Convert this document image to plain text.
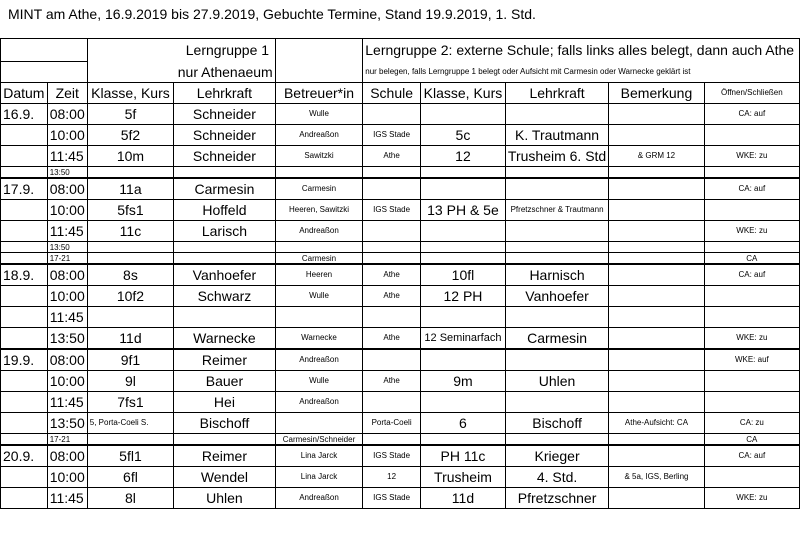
MINT am Athe, 16.9.2019 bis 27.9.2019, Gebuchte Termine, Stand 19.9.2019, 1. Std.
		Lerngruppe 1			Lerngruppe 2: externe Schule; falls links alles belegt, dann auch Athe				
		nur Athenaeum			nur belegen, falls Lerngruppe 1 belegt oder Aufsicht mit Carmesin oder Warnecke geklärt ist				
Datum	Zeit	Klasse, Kurs	Lehrkraft	Betreuer*in	Schule	Klasse, Kurs	Lehrkraft	Bemerkung	Öffnen/Schließen
16.9.	08:00	5f	Schneider	Wulle					CA: auf
	10:00	5f2	Schneider	Andreaßon	IGS Stade	5c	K. Trautmann		
	11:45	10m	Schneider	Sawitzki	Athe	12	Trusheim 6. Std	& GRM 12	WKE: zu
	13:50								
17.9.	08:00	11a	Carmesin	Carmesin					CA: auf
	10:00	5fs1	Hoffeld	Heeren, Sawitzki	IGS Stade	13 PH & 5e	Pfretzschner & Trautmann		
	11:45	11c	Larisch	Andreaßon					WKE: zu
	13:50								
	17-21			Carmesin					CA
18.9.	08:00	8s	Vanhoefer	Heeren	Athe	10fl	Harnisch		CA: auf
	10:00	10f2	Schwarz	Wulle	Athe	12 PH	Vanhoefer		
	11:45								
	13:50	11d	Warnecke	Warnecke	Athe	12 Seminarfach	Carmesin		WKE: zu
19.9.	08:00	9f1	Reimer	Andreaßon					WKE: auf
	10:00	9l	Bauer	Wulle	Athe	9m	Uhlen		
	11:45	7fs1	Hei	Andreaßon					
	13:50	5, Porta-Coeli S.	Bischoff		Porta-Coeli	6	Bischoff	Athe-Aufsicht: CA	CA: zu
	17-21			Carmesin/Schneider					CA
20.9.	08:00	5fl1	Reimer	Lina Jarck	IGS Stade	PH 11c	Krieger		CA: auf
	10:00	6fl	Wendel	Lina Jarck	12	Trusheim	4. Std.	& 5a, IGS, Berling	
	11:45	8l	Uhlen	Andreaßon	IGS Stade	11d	Pfretzschner		WKE: zu
